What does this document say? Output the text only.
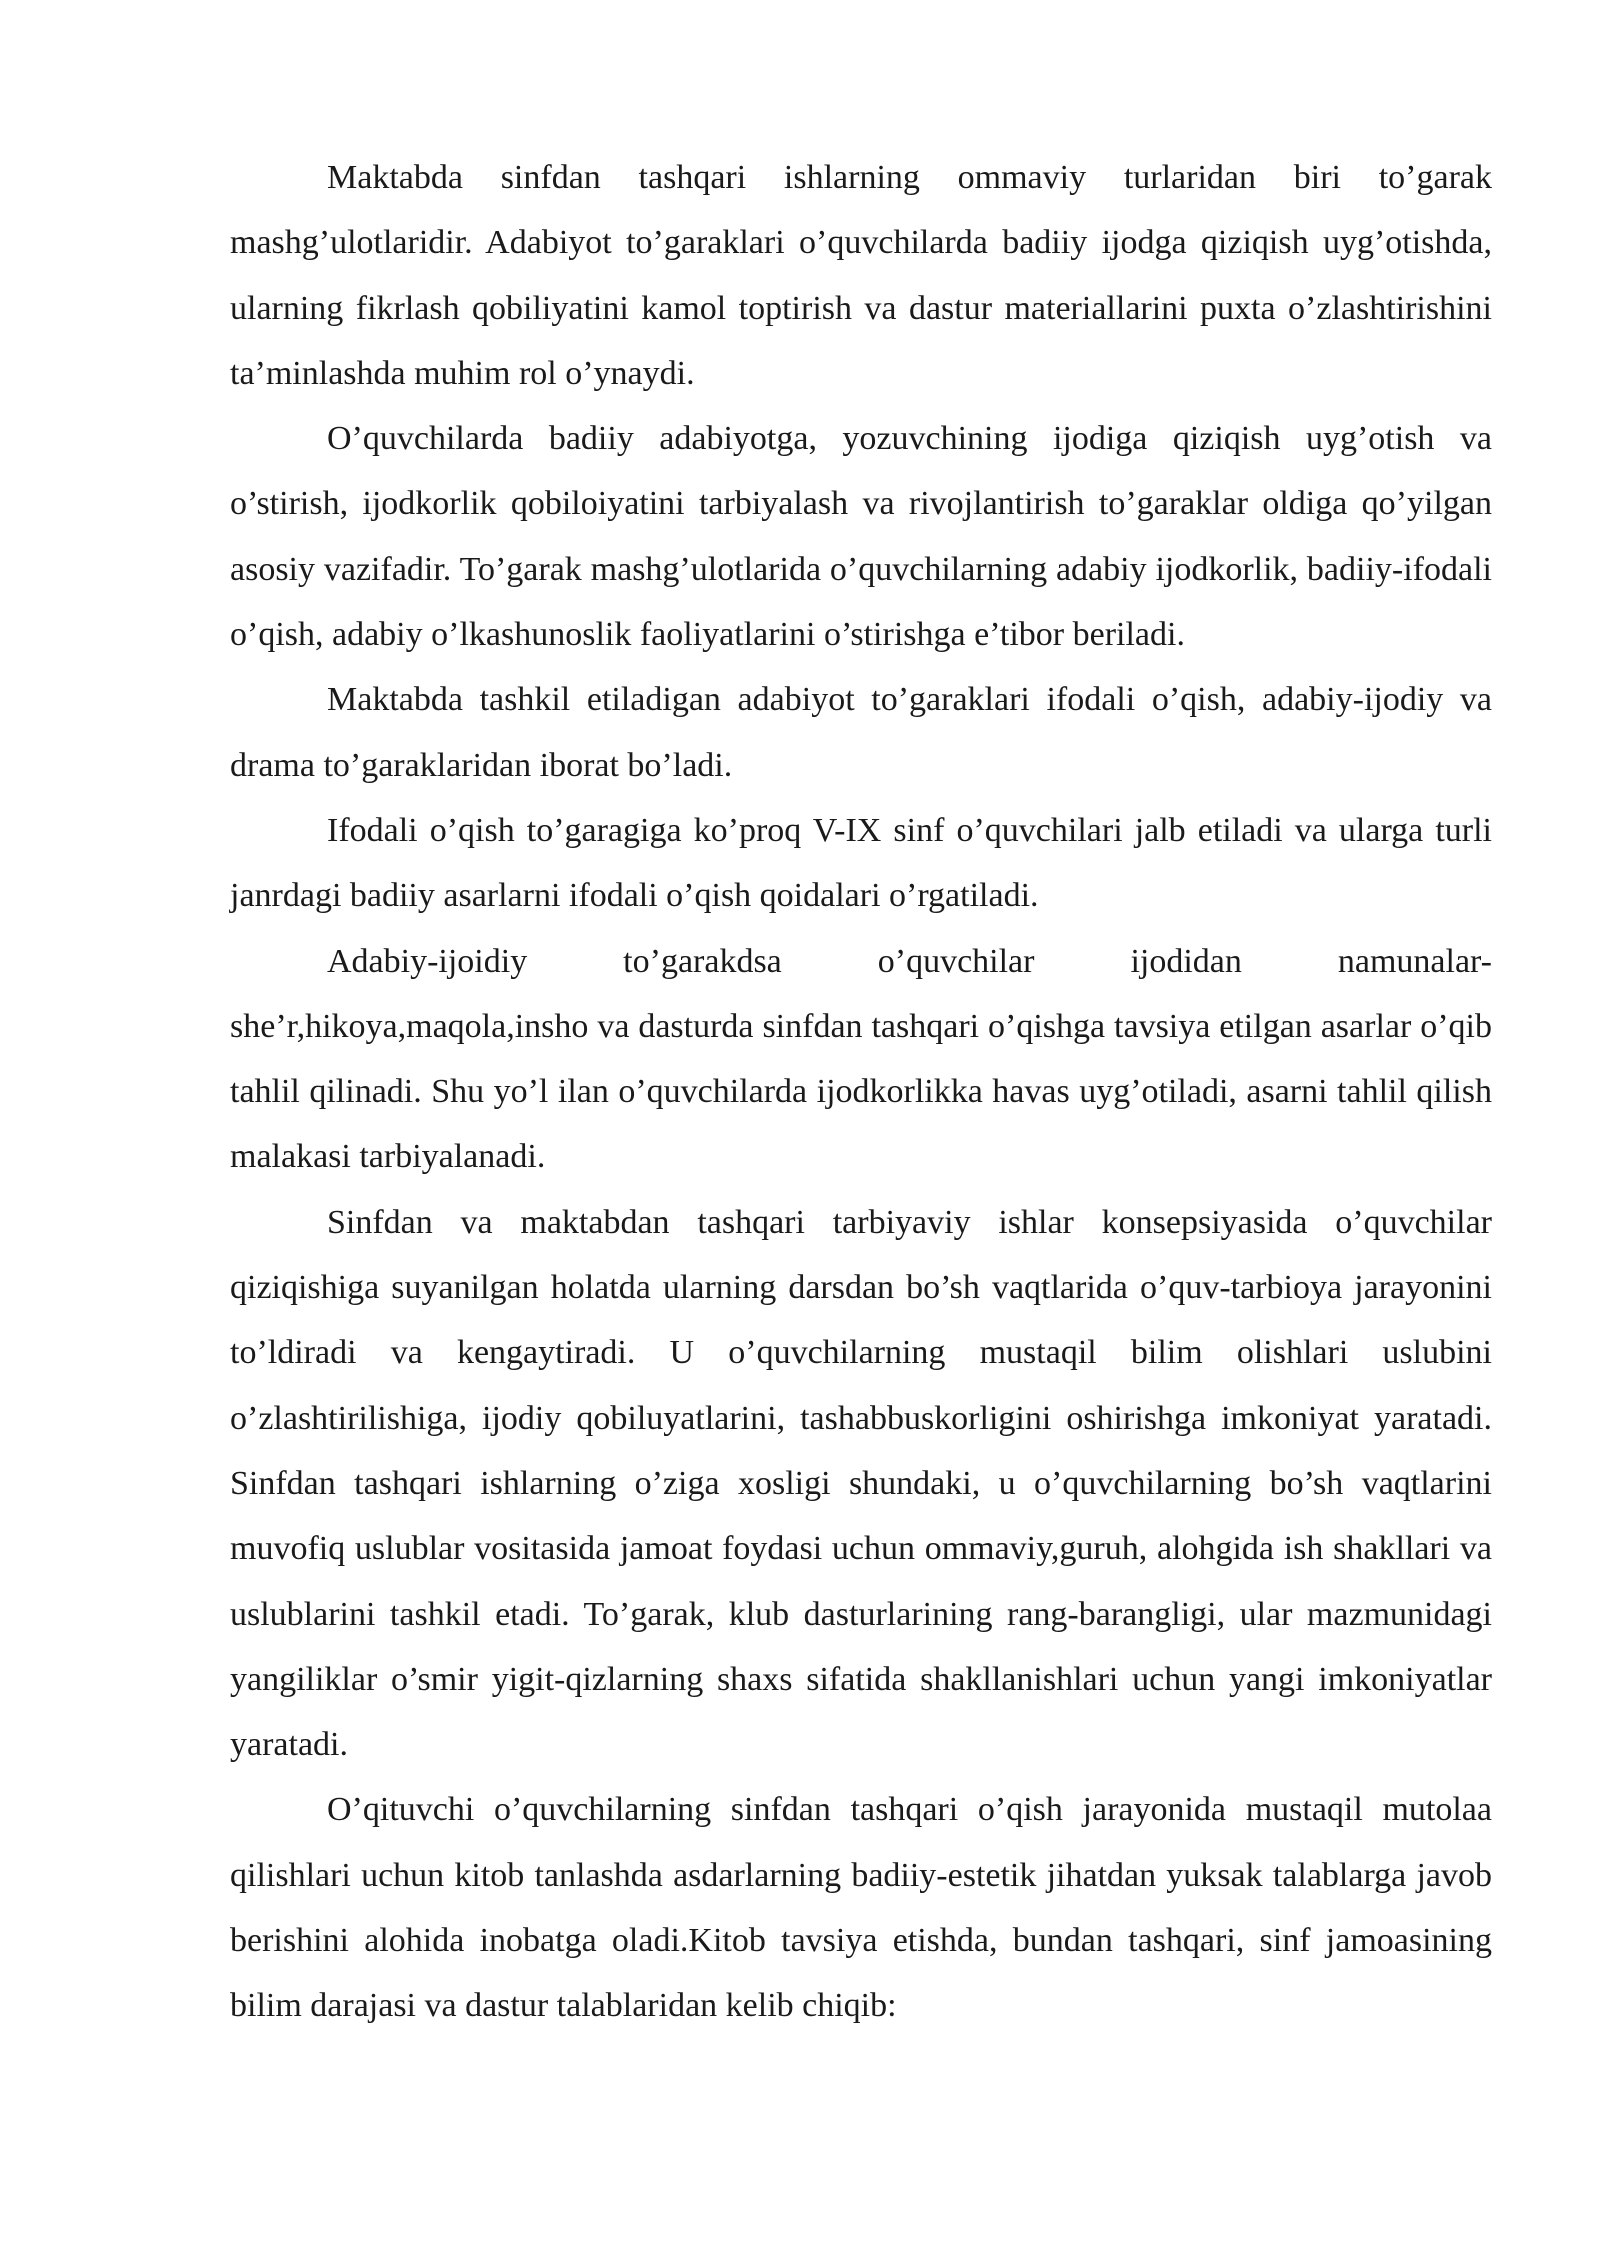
Maktabda sinfdan tashqari ishlarning ommaviy turlaridan biri to’garak mashg’ulotlaridir. Adabiyot to’garaklari o’quvchilarda badiiy ijodga qiziqish uyg’otishda, ularning fikrlash qobiliyatini kamol toptirish va dastur materiallarini puxta o’zlashtirishini ta’minlashda muhim rol o’ynaydi.

O’quvchilarda badiiy adabiyotga, yozuvchining ijodiga qiziqish uyg’otish va o’stirish, ijodkorlik qobiloiyatini tarbiyalash va rivojlantirish to’garaklar oldiga qo’yilgan asosiy vazifadir. To’garak mashg’ulotlarida o’quvchilarning adabiy ijodkorlik, badiiy-ifodali o’qish, adabiy o’lkashunoslik faoliyatlarini o’stirishga e’tibor beriladi.

Maktabda tashkil etiladigan adabiyot to’garaklari ifodali o’qish, adabiy-ijodiy va drama to’garaklaridan iborat bo’ladi.

Ifodali o’qish to’garagiga ko’proq V-IX sinf o’quvchilari jalb etiladi va ularga turli janrdagi badiiy asarlarni ifodali o’qish qoidalari o’rgatiladi.

Adabiy-ijoidiy to’garakdsa o’quvchilar ijodidan namunalar-she’r,hikoya,maqola,insho va dasturda sinfdan tashqari o’qishga tavsiya etilgan asarlar o’qib tahlil qilinadi. Shu yo’l ilan o’quvchilarda ijodkorlikka havas uyg’otiladi, asarni tahlil qilish malakasi tarbiyalanadi.

Sinfdan va maktabdan tashqari tarbiyaviy ishlar konsepsiyasida o’quvchilar qiziqishiga suyanilgan holatda ularning darsdan bo’sh vaqtlarida o’quv-tarbioya jarayonini to’ldiradi va kengaytiradi. U o’quvchilarning mustaqil bilim olishlari uslubini o’zlashtirilishiga, ijodiy qobiluyatlarini, tashabbuskorligini oshirishga imkoniyat yaratadi. Sinfdan tashqari ishlarning o’ziga xosligi shundaki, u o’quvchilarning bo’sh vaqtlarini muvofiq uslublar vositasida jamoat foydasi uchun ommaviy,guruh, alohgida ish shakllari va uslublarini tashkil etadi. To’garak, klub dasturlarining rang-barangligi, ular mazmunidagi yangiliklar o’smir yigit-qizlarning shaxs sifatida shakllanishlari uchun yangi imkoniyatlar yaratadi.

O’qituvchi o’quvchilarning sinfdan tashqari o’qish jarayonida mustaqil mutolaa qilishlari uchun kitob tanlashda asdarlarning badiiy-estetik jihatdan yuksak talablarga javob berishini alohida inobatga oladi.Kitob tavsiya etishda, bundan tashqari, sinf jamoasining bilim darajasi va dastur talablaridan kelib chiqib:
